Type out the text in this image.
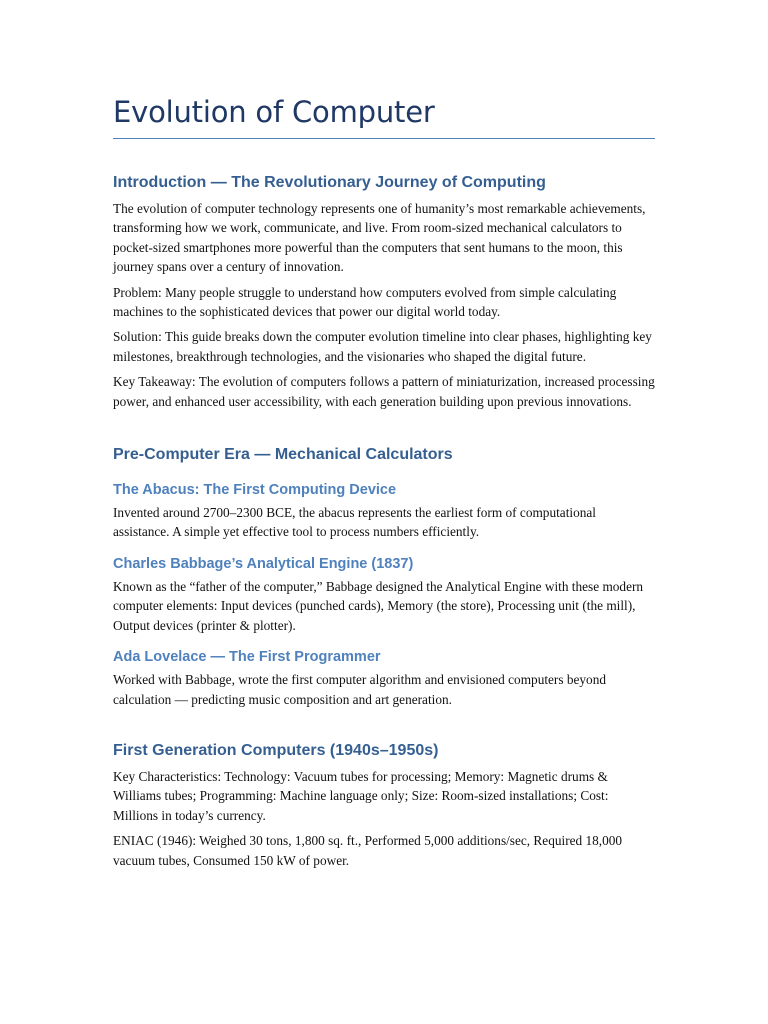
Evolution of Computer
Introduction — The Revolutionary Journey of Computing

The evolution of computer technology represents one of humanity’s most remarkable achievements, transforming how we work, communicate, and live. From room-sized mechanical calculators to pocket-sized smartphones more powerful than the computers that sent humans to the moon, this journey spans over a century of innovation.

Problem: Many people struggle to understand how computers evolved from simple calculating machines to the sophisticated devices that power our digital world today.

Solution: This guide breaks down the computer evolution timeline into clear phases, highlighting key milestones, breakthrough technologies, and the visionaries who shaped the digital future.

Key Takeaway: The evolution of computers follows a pattern of miniaturization, increased processing power, and enhanced user accessibility, with each generation building upon previous innovations.

Pre-Computer Era — Mechanical Calculators
The Abacus: The First Computing Device

Invented around 2700–2300 BCE, the abacus represents the earliest form of computational assistance. A simple yet effective tool to process numbers efficiently.

Charles Babbage’s Analytical Engine (1837)

Known as the “father of the computer,” Babbage designed the Analytical Engine with these modern computer elements: Input devices (punched cards), Memory (the store), Processing unit (the mill), Output devices (printer & plotter).

Ada Lovelace — The First Programmer

Worked with Babbage, wrote the first computer algorithm and envisioned computers beyond calculation — predicting music composition and art generation.

First Generation Computers (1940s–1950s)

Key Characteristics: Technology: Vacuum tubes for processing; Memory: Magnetic drums & Williams tubes; Programming: Machine language only; Size: Room-sized installations; Cost: Millions in today’s currency.

ENIAC (1946): Weighed 30 tons, 1,800 sq. ft., Performed 5,000 additions/sec, Required 18,000 vacuum tubes, Consumed 150 kW of power.
